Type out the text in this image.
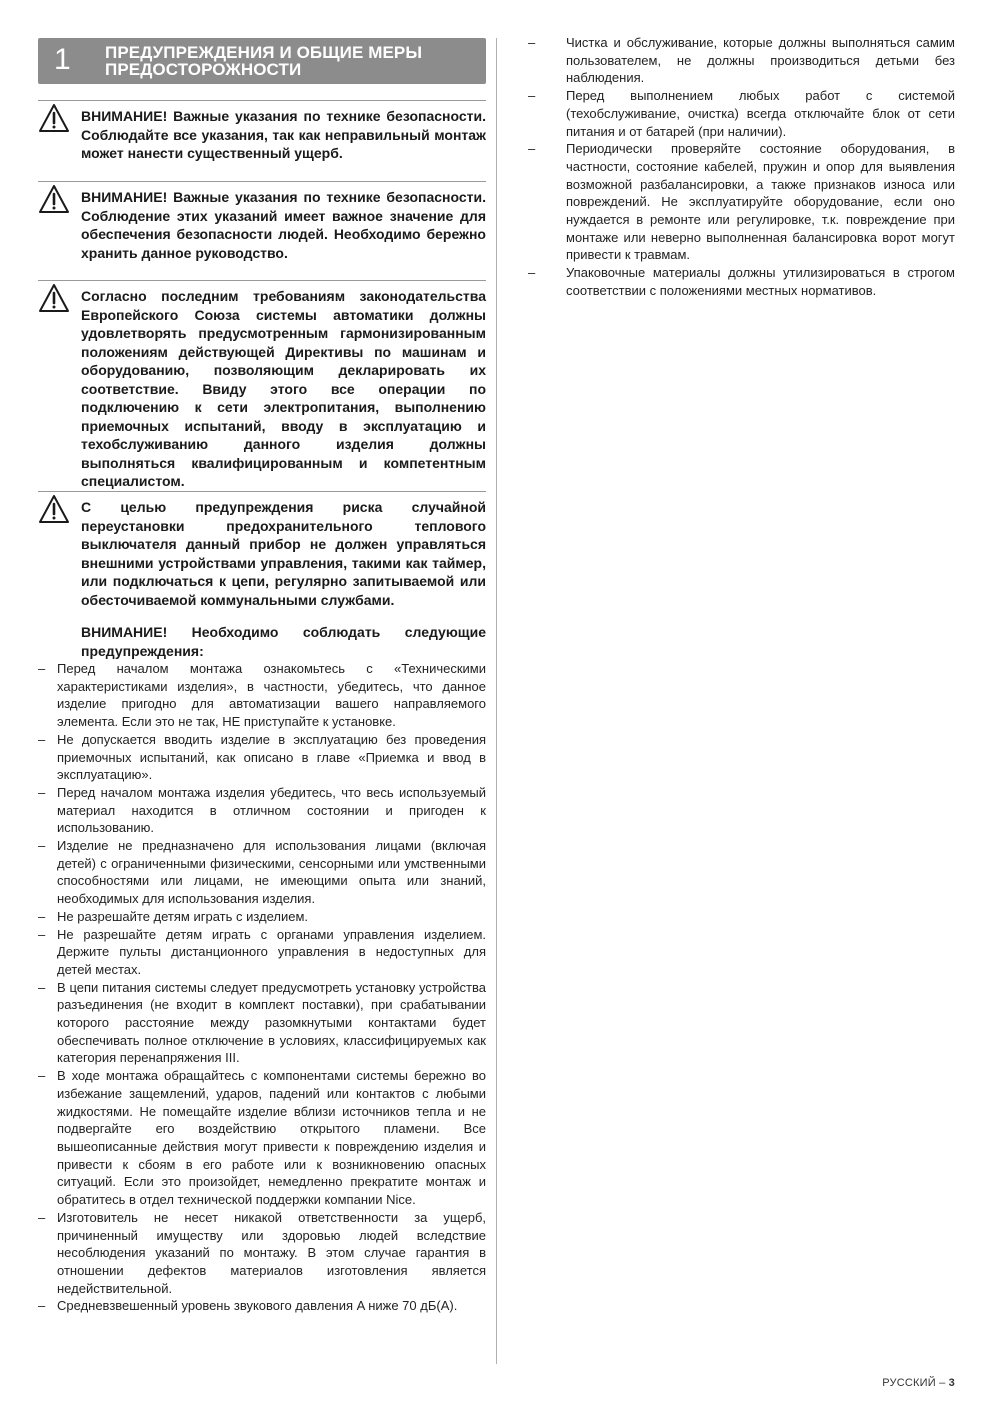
1 ПРЕДУПРЕЖДЕНИЯ И ОБЩИЕ МЕРЫ ПРЕДОСТОРОЖНОСТИ
ВНИМАНИЕ! Важные указания по технике безопасности. Соблюдайте все указания, так как неправильный монтаж может нанести существенный ущерб.
ВНИМАНИЕ! Важные указания по технике безопасности. Соблюдение этих указаний имеет важное значение для обеспечения безопасности людей. Необходимо бережно хранить данное руководство.
Согласно последним требованиям законодательства Европейского Союза системы автоматики должны удовлетворять предусмотренным гармонизированным положениям действующей Директивы по машинам и оборудованию, позволяющим декларировать их соответствие. Ввиду этого все операции по подключению к сети электропитания, выполнению приемочных испытаний, вводу в эксплуатацию и техобслуживанию данного изделия должны выполняться квалифицированным и компетентным специалистом.
С целью предупреждения риска случайной переустановки предохранительного теплового выключателя данный прибор не должен управляться внешними устройствами управления, такими как таймер, или подключаться к цепи, регулярно запитываемой или обесточиваемой коммунальными службами.
ВНИМАНИЕ! Необходимо соблюдать следующие предупреждения:
– Перед началом монтажа ознакомьтесь с «Техническими характеристиками изделия», в частности, убедитесь, что данное изделие пригодно для автоматизации вашего направляемого элемента. Если это не так, НЕ приступайте к установке.
– Не допускается вводить изделие в эксплуатацию без проведения приемочных испытаний, как описано в главе «Приемка и ввод в эксплуатацию».
– Перед началом монтажа изделия убедитесь, что весь используемый материал находится в отличном состоянии и пригоден к использованию.
– Изделие не предназначено для использования лицами (включая детей) с ограниченными физическими, сенсорными или умственными способностями или лицами, не имеющими опыта или знаний, необходимых для использования изделия.
– Не разрешайте детям играть с изделием.
– Не разрешайте детям играть с органами управления изделием. Держите пульты дистанционного управления в недоступных для детей местах.
– В цепи питания системы следует предусмотреть установку устройства разъединения (не входит в комплект поставки), при срабатывании которого расстояние между разомкнутыми контактами будет обеспечивать полное отключение в условиях, классифицируемых как категория перенапряжения III.
– В ходе монтажа обращайтесь с компонентами системы бережно во избежание защемлений, ударов, падений или контактов с любыми жидкостями. Не помещайте изделие вблизи источников тепла и не подвергайте его воздействию открытого пламени. Все вышеописанные действия могут привести к повреждению изделия и привести к сбоям в его работе или к возникновению опасных ситуаций. Если это произойдет, немедленно прекратите монтаж и обратитесь в отдел технической поддержки компании Nice.
– Изготовитель не несет никакой ответственности за ущерб, причиненный имуществу или здоровью людей вследствие несоблюдения указаний по монтажу. В этом случае гарантия в отношении дефектов материалов изготовления является недействительной.
– Средневзвешенный уровень звукового давления A ниже 70 дБ(A).
– Чистка и обслуживание, которые должны выполняться самим пользователем, не должны производиться детьми без наблюдения.
– Перед выполнением любых работ с системой (техобслуживание, очистка) всегда отключайте блок от сети питания и от батарей (при наличии).
– Периодически проверяйте состояние оборудования, в частности, состояние кабелей, пружин и опор для выявления возможной разбалансировки, а также признаков износа или повреждений. Не эксплуатируйте оборудование, если оно нуждается в ремонте или регулировке, т.к. повреждение при монтаже или неверно выполненная балансировка ворот могут привести к травмам.
– Упаковочные материалы должны утилизироваться в строгом соответствии с положениями местных нормативов.
РУССКИЙ – 3
